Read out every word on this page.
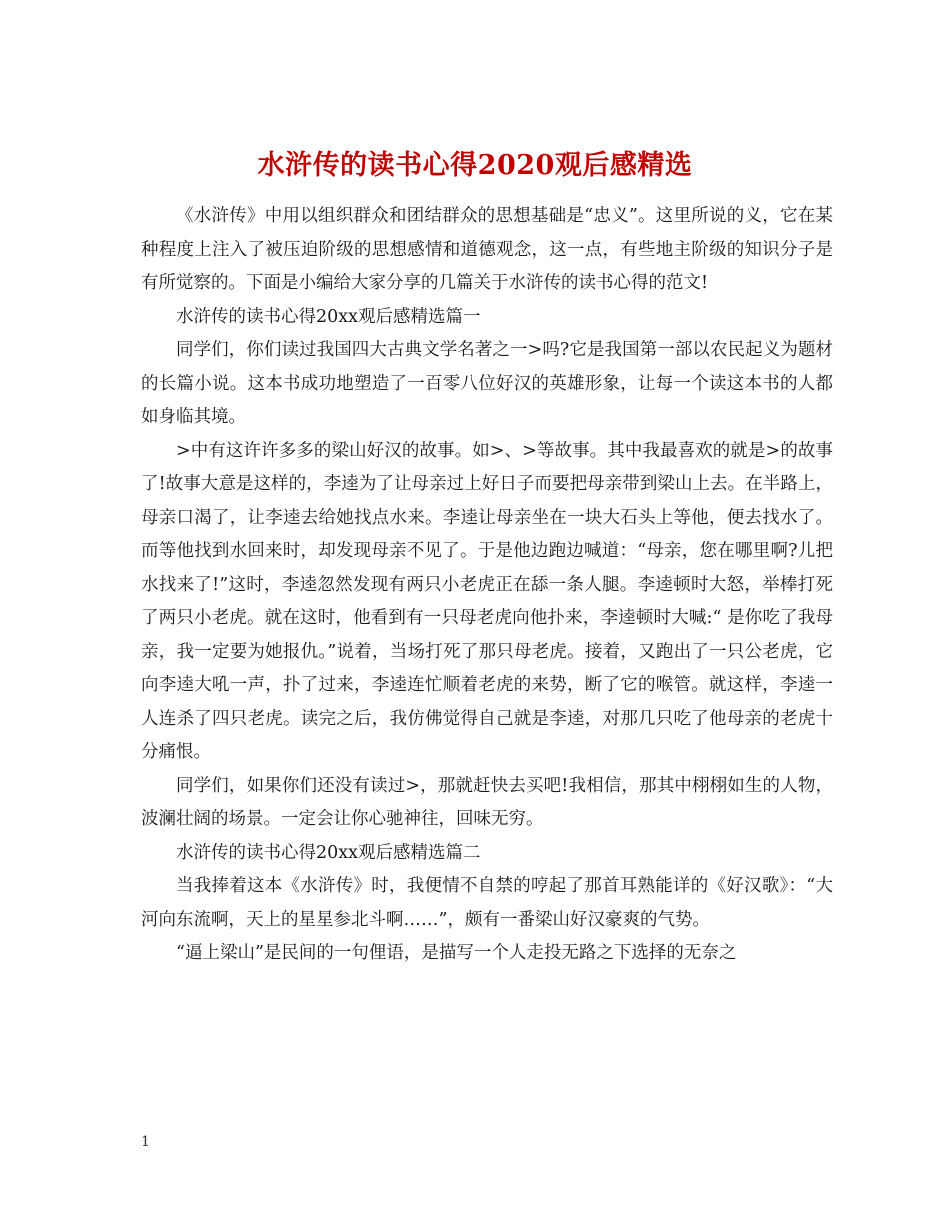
水浒传的读书心得2020观后感精选

《水浒传》中用以组织群众和团结群众的思想基础是“忠义”。这里所说的义，它在某种程度上注入了被压迫阶级的思想感情和道德观念，这一点，有些地主阶级的知识分子是有所觉察的。下面是小编给大家分享的几篇关于水浒传的读书心得的范文!

水浒传的读书心得20xx观后感精选篇一

同学们，你们读过我国四大古典文学名著之一>吗?它是我国第一部以农民起义为题材的长篇小说。这本书成功地塑造了一百零八位好汉的英雄形象，让每一个读这本书的人都如身临其境。

>中有这许许多多的梁山好汉的故事。如>、>等故事。其中我最喜欢的就是>的故事了!故事大意是这样的，李逵为了让母亲过上好日子而要把母亲带到梁山上去。在半路上，母亲口渴了，让李逵去给她找点水来。李逵让母亲坐在一块大石头上等他，便去找水了。而等他找到水回来时，却发现母亲不见了。于是他边跑边喊道：“母亲，您在哪里啊?儿把水找来了!”这时，李逵忽然发现有两只小老虎正在舔一条人腿。李逵顿时大怒，举棒打死了两只小老虎。就在这时，他看到有一只母老虎向他扑来，李逵顿时大喊:“ 是你吃了我母亲，我一定要为她报仇。”说着，当场打死了那只母老虎。接着，又跑出了一只公老虎，它向李逵大吼一声，扑了过来，李逵连忙顺着老虎的来势，断了它的喉管。就这样，李逵一人连杀了四只老虎。读完之后，我仿佛觉得自己就是李逵，对那几只吃了他母亲的老虎十分痛恨。

同学们，如果你们还没有读过>，那就赶快去买吧!我相信，那其中栩栩如生的人物，波澜壮阔的场景。一定会让你心驰神往，回味无穷。

水浒传的读书心得20xx观后感精选篇二

当我捧着这本《水浒传》时，我便情不自禁的哼起了那首耳熟能详的《好汉歌》：“大河向东流啊，天上的星星参北斗啊……”，颇有一番梁山好汉豪爽的气势。

“逼上梁山”是民间的一句俚语，是描写一个人走投无路之下选择的无奈之

1
